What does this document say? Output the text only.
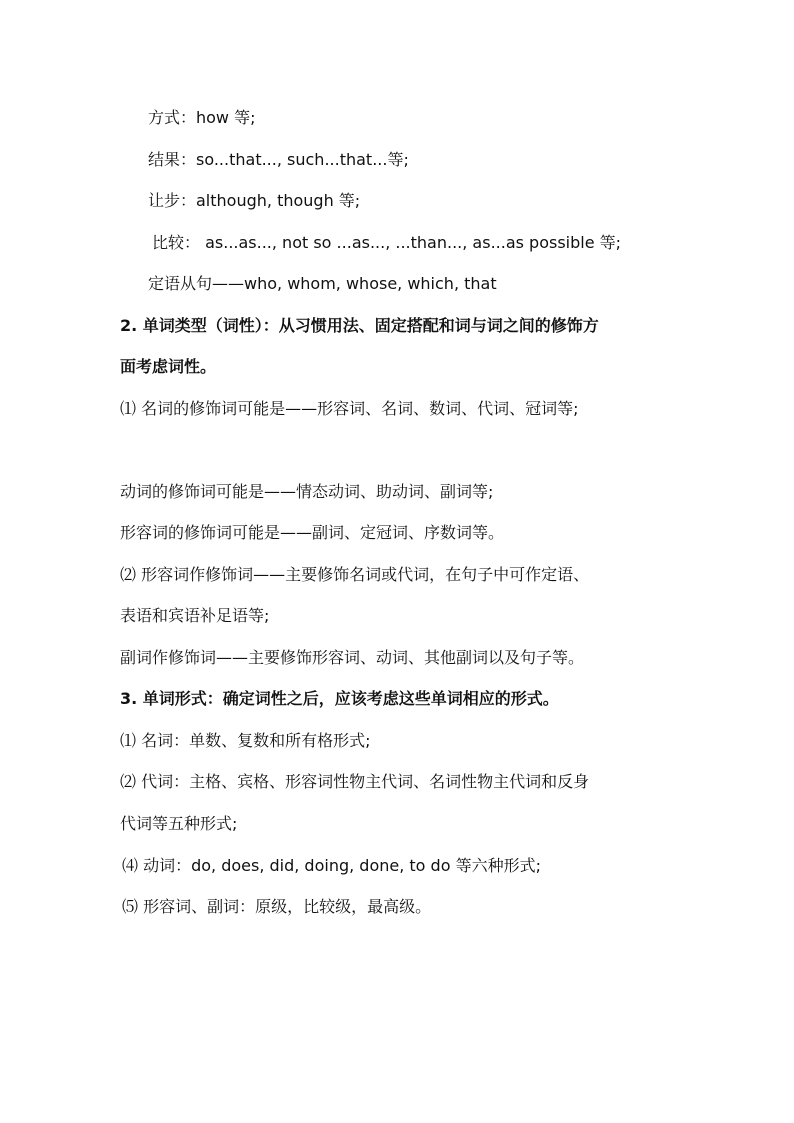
方式：how 等;
结果：so...that..., such...that...等;
让步：although, though 等;
比较： as...as..., not so ...as..., ...than..., as...as possible 等;
定语从句——who, whom, whose, which, that
2. 单词类型（词性）：从习惯用法、固定搭配和词与词之间的修饰方
面考虑词性。
⑴ 名词的修饰词可能是——形容词、名词、数词、代词、冠词等;
动词的修饰词可能是——情态动词、助动词、副词等;
形容词的修饰词可能是——副词、定冠词、序数词等。
⑵ 形容词作修饰词——主要修饰名词或代词，在句子中可作定语、
表语和宾语补足语等;
副词作修饰词——主要修饰形容词、动词、其他副词以及句子等。
3. 单词形式：确定词性之后，应该考虑这些单词相应的形式。
⑴ 名词：单数、复数和所有格形式;
⑵ 代词：主格、宾格、形容词性物主代词、名词性物主代词和反身
代词等五种形式;
⑷ 动词：do, does, did, doing, done, to do 等六种形式;
⑸ 形容词、副词：原级，比较级，最高级。
